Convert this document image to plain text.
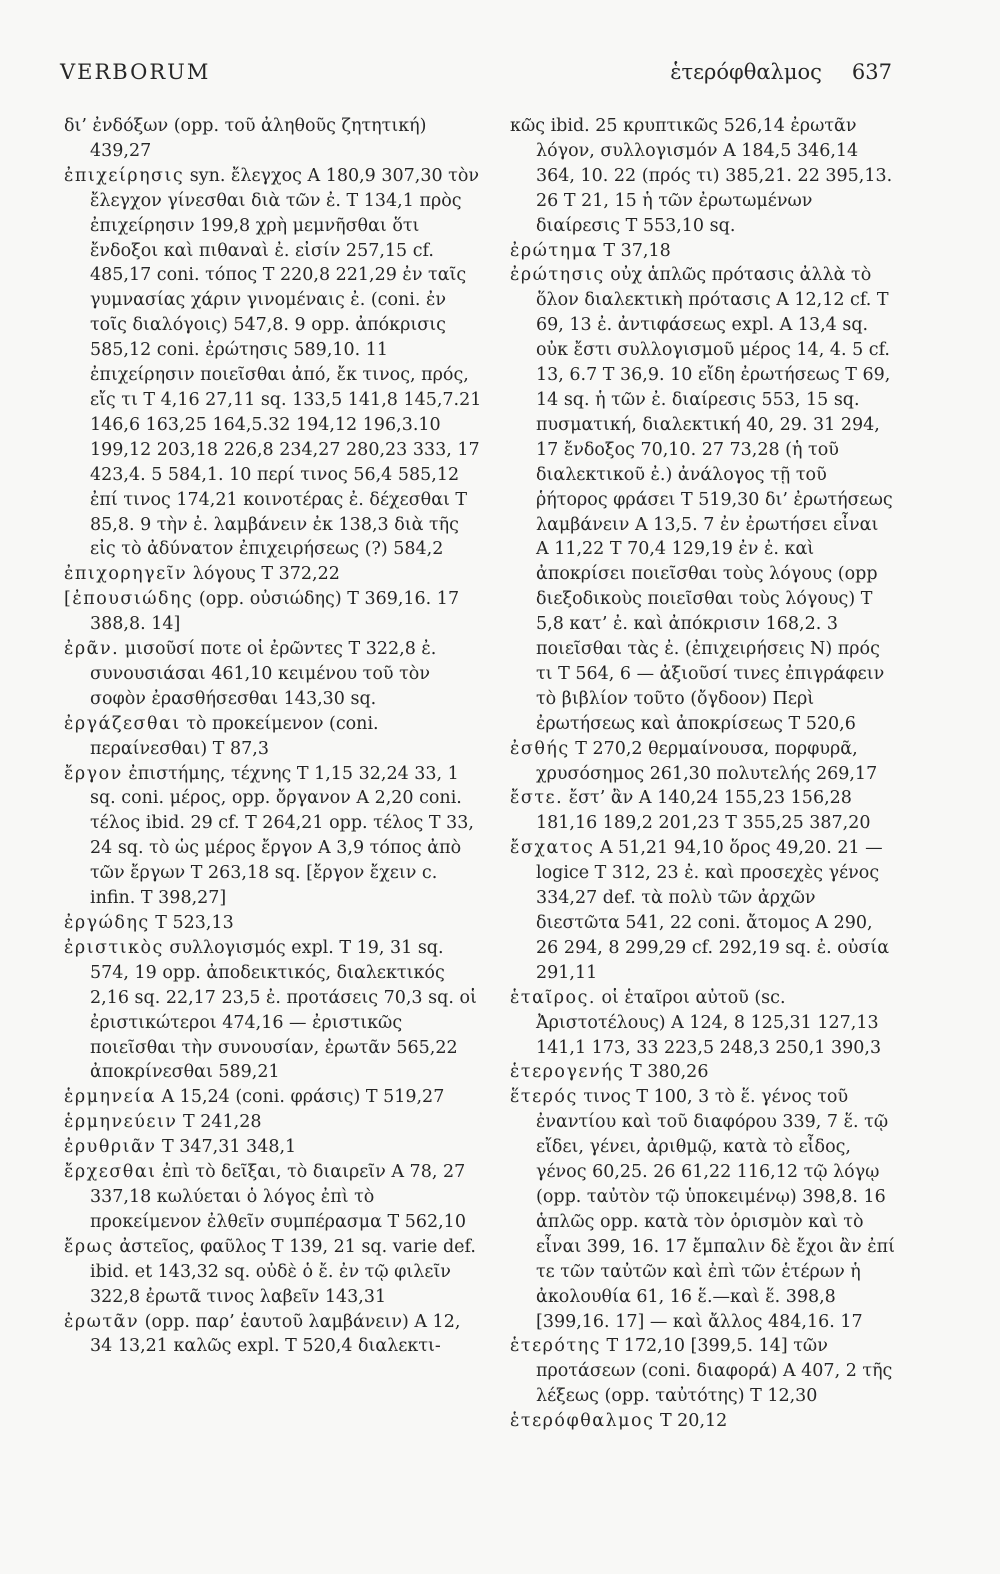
VERBORUM	ἑτερόφθαλμος 637

δι’ ἐνδόξων (opp. τοῦ ἀληθοῦς ζητητική) 439,27

ἐπιχείρησις syn. ἔλεγχος A 180,9 307,30 τὸν ἔλεγχον γίνεσθαι διὰ τῶν ἐ. T 134,1 πρὸς ἐπιχείρησιν 199,8 χρὴ μεμνῆσθαι ὅτι ἔνδοξοι καὶ πιθαναὶ ἐ. εἰσίν 257,15 cf. 485,17 coni. τόπος T 220,8 221,29 ἐν ταῖς γυμνασίας χάριν γινομέναις ἐ. (coni. ἐν τοῖς διαλόγοις) 547,8. 9 opp. ἀπόκρισις 585,12 coni. ἐρώτησις 589,10. 11 ἐπιχείρησιν ποιεῖσθαι ἀπό, ἔκ τινος, πρός, εἴς τι T 4,16 27,11 sq. 133,5 141,8 145,7.21 146,6 163,25 164,5.32 194,12 196,3.10 199,12 203,18 226,8 234,27 280,23 333, 17 423,4. 5 584,1. 10 περί τινος 56,4 585,12 ἐπί τινος 174,21 κοινοτέρας ἐ. δέχεσθαι T 85,8. 9 τὴν ἐ. λαμβάνειν ἐκ 138,3 διὰ τῆς εἰς τὸ ἀδύνατον ἐπιχειρήσεως (?) 584,2

ἐπιχορηγεῖν λόγους T 372,22

[ἐπουσιώδης (opp. οὐσιώδης) T 369,16. 17 388,8. 14]

ἐρᾶν. μισοῦσί ποτε οἱ ἐρῶντες T 322,8 ἐ. συνουσιάσαι 461,10 κειμένου τοῦ τὸν σοφὸν ἐρασθήσεσθαι 143,30 sq.

ἐργάζεσθαι τὸ προκείμενον (coni. περαίνεσθαι) T 87,3

ἔργον ἐπιστήμης, τέχνης T 1,15 32,24 33, 1 sq. coni. μέρος, opp. ὄργανον A 2,20 coni. τέλος ibid. 29 cf. T 264,21 opp. τέλος T 33, 24 sq. τὸ ὡς μέρος ἔργον A 3,9 τόπος ἀπὸ τῶν ἔργων T 263,18 sq. [ἔργον ἔχειν c. infin. T 398,27]

ἐργώδης T 523,13

ἐριστικὸς συλλογισμός expl. T 19, 31 sq. 574, 19 opp. ἀποδεικτικός, διαλεκτικός 2,16 sq. 22,17 23,5 ἐ. προτάσεις 70,3 sq. οἱ ἐριστικώτεροι 474,16 — ἐριστικῶς ποιεῖσθαι τὴν συνουσίαν, ἐρωτᾶν 565,22 ἀποκρίνεσθαι 589,21

ἑρμηνεία A 15,24 (coni. φράσις) T 519,27

ἑρμηνεύειν T 241,28

ἐρυθριᾶν T 347,31 348,1

ἔρχεσθαι ἐπὶ τὸ δεῖξαι, τὸ διαιρεῖν A 78, 27 337,18 κωλύεται ὁ λόγος ἐπὶ τὸ προκείμενον ἐλθεῖν συμπέρασμα T 562,10

ἔρως ἀστεῖος, φαῦλος T 139, 21 sq. varie def. ibid. et 143,32 sq. οὐδὲ ὁ ἔ. ἐν τῷ φιλεῖν 322,8 ἐρωτᾶ τινος λαβεῖν 143,31

ἐρωτᾶν (opp. παρ’ ἑαυτοῦ λαμβάνειν) A 12, 34 13,21 καλῶς expl. T 520,4 διαλεκτι-

κῶς ibid. 25 κρυπτικῶς 526,14 ἐρωτᾶν λόγον, συλλογισμόν A 184,5 346,14 364, 10. 22 (πρός τι) 385,21. 22 395,13. 26 T 21, 15 ἡ τῶν ἐρωτωμένων διαίρεσις T 553,10 sq.

ἐρώτημα T 37,18

ἐρώτησις οὐχ ἁπλῶς πρότασις ἀλλὰ τὸ ὅλον διαλεκτικὴ πρότασις A 12,12 cf. T 69, 13 ἐ. ἀντιφάσεως expl. A 13,4 sq. οὐκ ἔστι συλλογισμοῦ μέρος 14, 4. 5 cf. 13, 6.7 T 36,9. 10 εἴδη ἐρωτήσεως T 69, 14 sq. ἡ τῶν ἐ. διαίρεσις 553, 15 sq. πυσματική, διαλεκτική 40, 29. 31 294, 17 ἔνδοξος 70,10. 27 73,28 (ἡ τοῦ διαλεκτικοῦ ἐ.) ἀνάλογος τῇ τοῦ ῥήτορος φράσει T 519,30 δι’ ἐρωτήσεως λαμβάνειν A 13,5. 7 ἐν ἐρωτήσει εἶναι A 11,22 T 70,4 129,19 ἐν ἐ. καὶ ἀποκρίσει ποιεῖσθαι τοὺς λόγους (opp διεξοδικοὺς ποιεῖσθαι τοὺς λόγους) T 5,8 κατ’ ἐ. καὶ ἀπόκρισιν 168,2. 3 ποιεῖσθαι τὰς ἐ. (ἐπιχειρήσεις N) πρός τι T 564, 6 — ἀξιοῦσί τινες ἐπιγράφειν τὸ βιβλίον τοῦτο (ὄγδοον) Περὶ ἐρωτήσεως καὶ ἀποκρίσεως T 520,6

ἐσθής T 270,2 θερμαίνουσα, πορφυρᾶ, χρυσόσημος 261,30 πολυτελής 269,17

ἔστε. ἔστ’ ἂν A 140,24 155,23 156,28 181,16 189,2 201,23 T 355,25 387,20

ἔσχατος A 51,21 94,10 ὅρος 49,20. 21 — logice T 312, 23 ἐ. καὶ προσεχὲς γένος 334,27 def. τὰ πολὺ τῶν ἀρχῶν διεστῶτα 541, 22 coni. ἄτομος A 290, 26 294, 8 299,29 cf. 292,19 sq. ἐ. οὐσία 291,11

ἑταῖρος. οἱ ἑταῖροι αὐτοῦ (sc. Ἀριστοτέλους) A 124, 8 125,31 127,13 141,1 173, 33 223,5 248,3 250,1 390,3

ἑτερογενής T 380,26

ἕτερός τινος T 100, 3 τὸ ἕ. γένος τοῦ ἐναντίου καὶ τοῦ διαφόρου 339, 7 ἕ. τῷ εἴδει, γένει, ἀριθμῷ, κατὰ τὸ εἶδος, γένος 60,25. 26 61,22 116,12 τῷ λόγῳ (opp. ταὐτὸν τῷ ὑποκειμένῳ) 398,8. 16 ἁπλῶς opp. κατὰ τὸν ὁρισμὸν καὶ τὸ εἶναι 399, 16. 17 ἔμπαλιν δὲ ἔχοι ἂν ἐπί τε τῶν ταὐτῶν καὶ ἐπὶ τῶν ἑτέρων ἡ ἀκολουθία 61, 16 ἕ.—καὶ ἕ. 398,8 [399,16. 17] — καὶ ἄλλος 484,16. 17

ἑτερότης T 172,10 [399,5. 14] τῶν προτάσεων (coni. διαφορά) A 407, 2 τῆς λέξεως (opp. ταὐτότης) T 12,30

ἑτερόφθαλμος T 20,12
